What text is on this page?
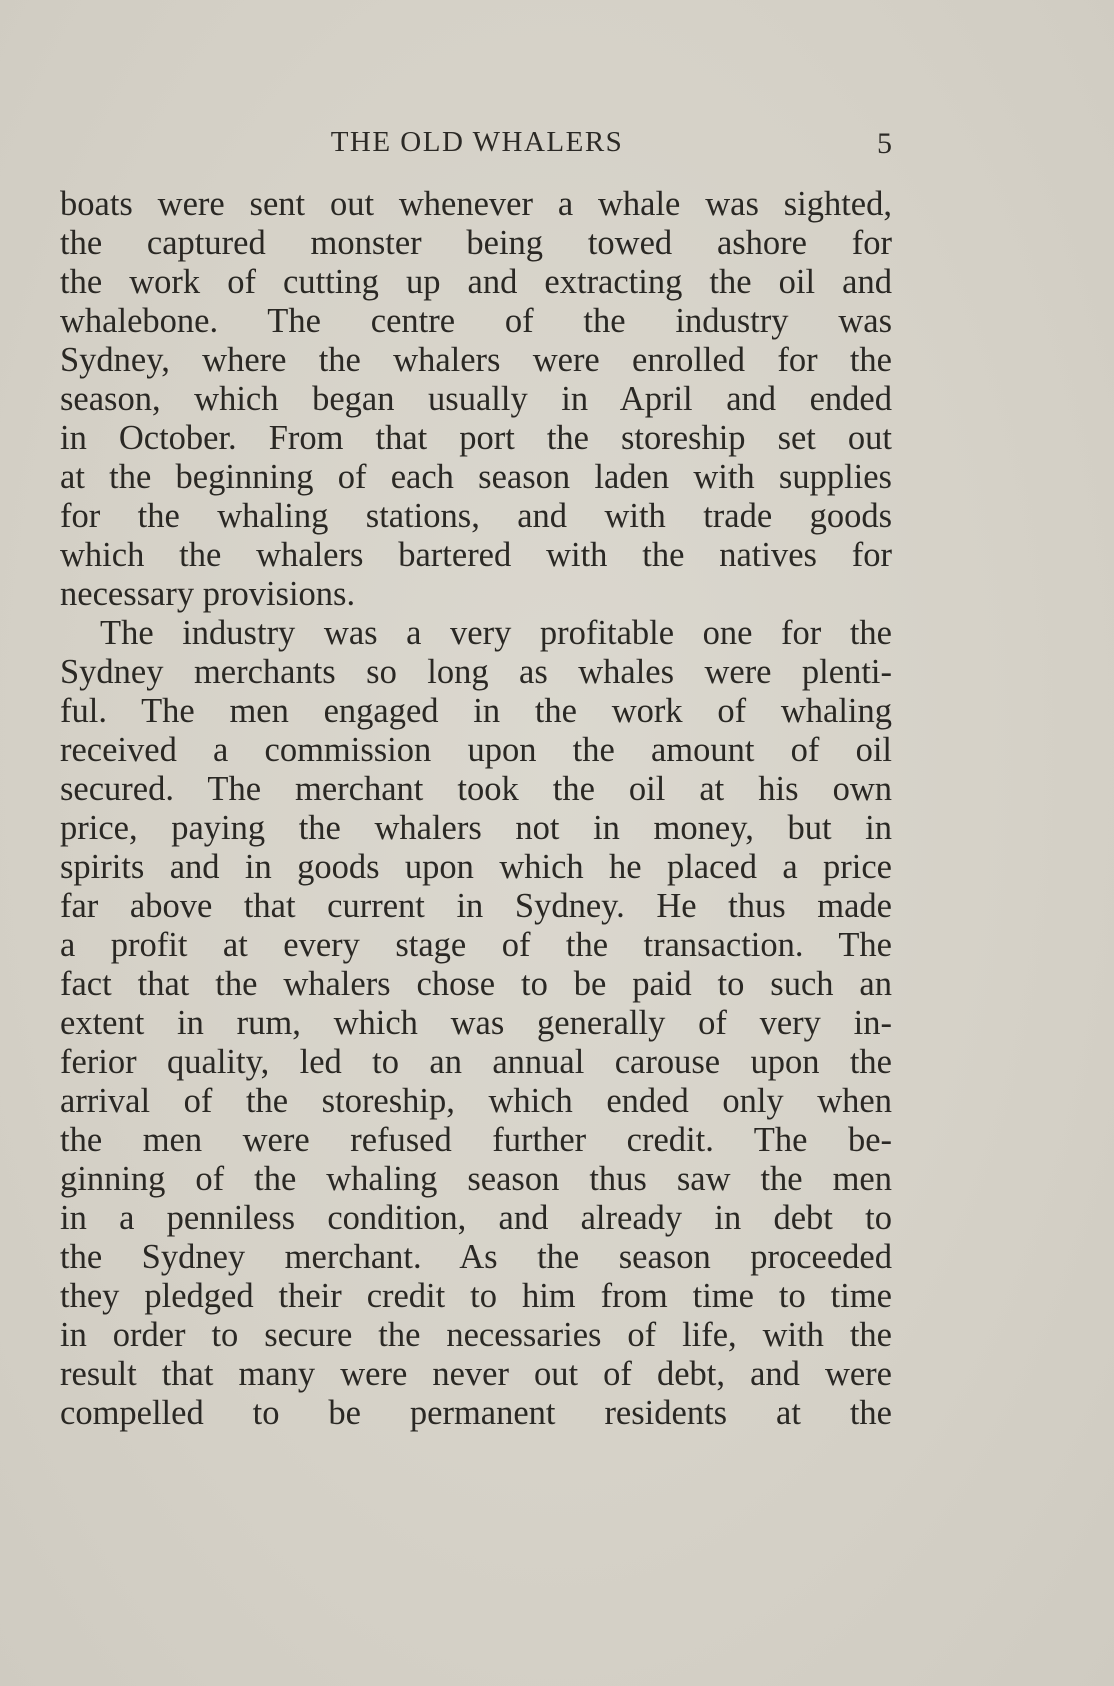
THE OLD WHALERS	5
boats were sent out whenever a whale was sighted,
the captured monster being towed ashore for
the work of cutting up and extracting the oil and
whalebone. The centre of the industry was
Sydney, where the whalers were enrolled for the
season, which began usually in April and ended
in October. From that port the storeship set out
at the beginning of each season laden with supplies
for the whaling stations, and with trade goods
which the whalers bartered with the natives for
necessary provisions.
The industry was a very profitable one for the
Sydney merchants so long as whales were plenti-
ful. The men engaged in the work of whaling
received a commission upon the amount of oil
secured. The merchant took the oil at his own
price, paying the whalers not in money, but in
spirits and in goods upon which he placed a price
far above that current in Sydney. He thus made
a profit at every stage of the transaction. The
fact that the whalers chose to be paid to such an
extent in rum, which was generally of very in-
ferior quality, led to an annual carouse upon the
arrival of the storeship, which ended only when
the men were refused further credit. The be-
ginning of the whaling season thus saw the men
in a penniless condition, and already in debt to
the Sydney merchant. As the season proceeded
they pledged their credit to him from time to time
in order to secure the necessaries of life, with the
result that many were never out of debt, and were
compelled to be permanent residents at the
